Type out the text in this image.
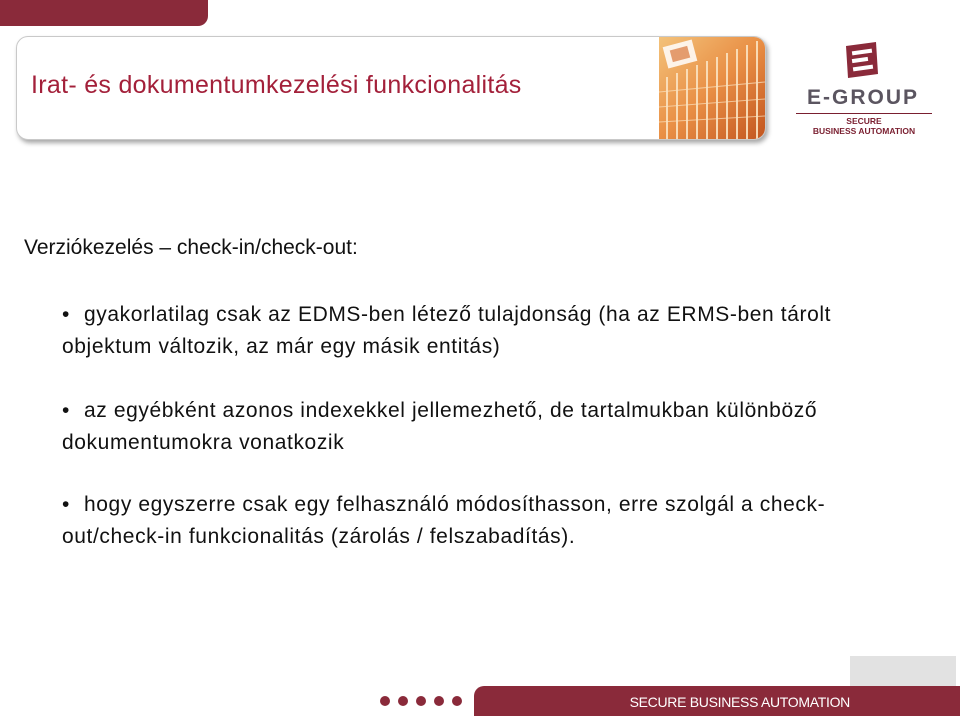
Irat- és dokumentumkezelési funkcionalitás	E-GROUP
SECURE
BUSINESS AUTOMATION
Verziókezelés – check-in/check-out:
• gyakorlatilag csak az EDMS-ben létező tulajdonság (ha az ERMS-ben tárolt objektum változik, az már egy másik entitás)
• az egyébként azonos indexekkel jellemezhető, de tartalmukban különböző dokumentumokra vonatkozik
• hogy egyszerre csak egy felhasználó módosíthasson, erre szolgál a check-out/check-in funkcionalitás (zárolás / felszabadítás).
SECURE BUSINESS AUTOMATION
